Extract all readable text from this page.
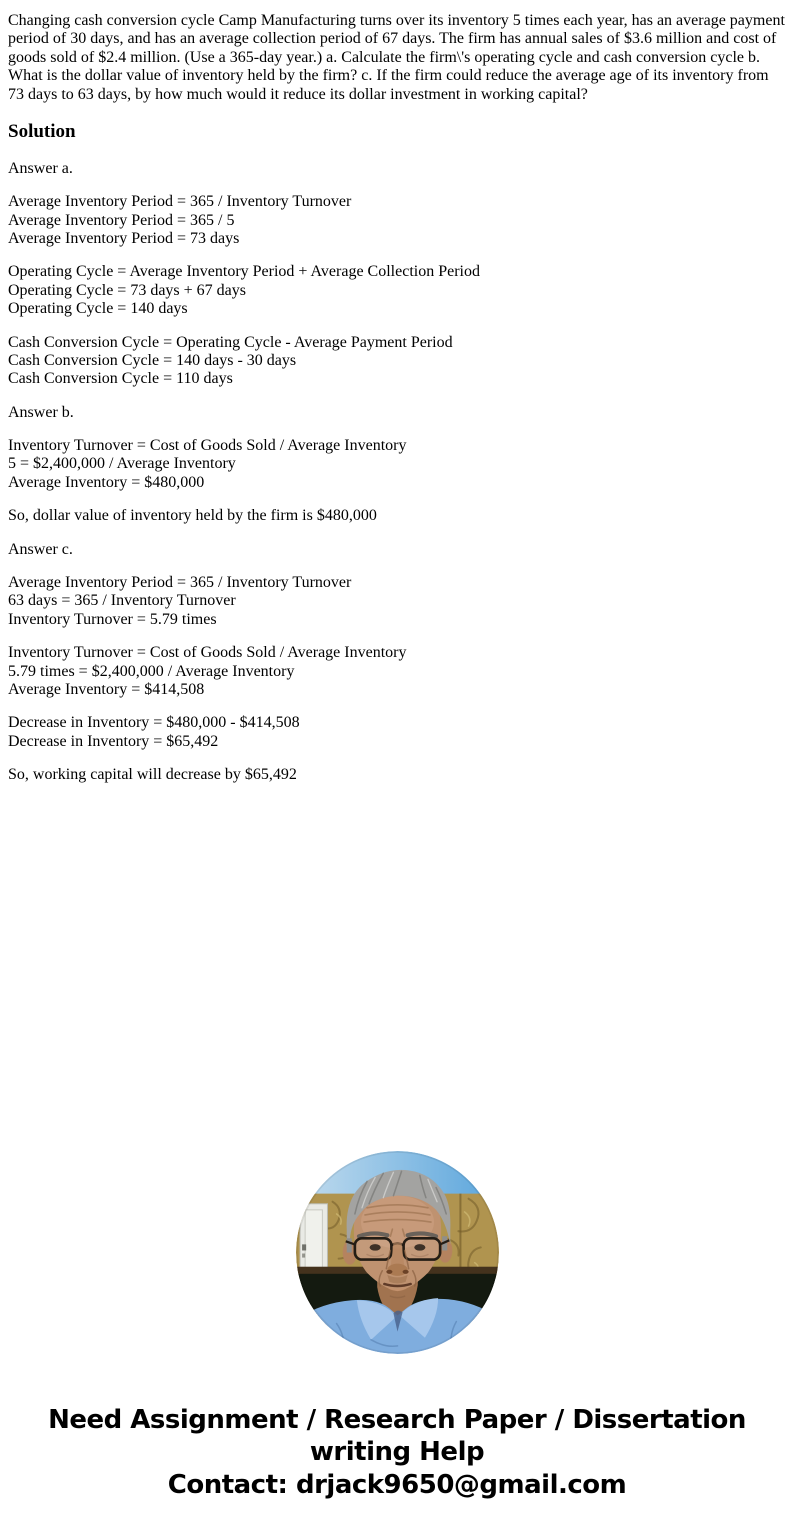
Changing cash conversion cycle Camp Manufacturing turns over its inventory 5 times each year, has an average payment period of 30 days, and has an average collection period of 67 days. The firm has annual sales of $3.6 million and cost of goods sold of $2.4 million. (Use a 365-day year.) a. Calculate the firm\'s operating cycle and cash conversion cycle b. What is the dollar value of inventory held by the firm? c. If the firm could reduce the average age of its inventory from 73 days to 63 days, by how much would it reduce its dollar investment in working capital?

Solution

Answer a.

Average Inventory Period = 365 / Inventory Turnover
Average Inventory Period = 365 / 5
Average Inventory Period = 73 days

Operating Cycle = Average Inventory Period + Average Collection Period
Operating Cycle = 73 days + 67 days
Operating Cycle = 140 days

Cash Conversion Cycle = Operating Cycle - Average Payment Period
Cash Conversion Cycle = 140 days - 30 days
Cash Conversion Cycle = 110 days

Answer b.

Inventory Turnover = Cost of Goods Sold / Average Inventory
5 = $2,400,000 / Average Inventory
Average Inventory = $480,000

So, dollar value of inventory held by the firm is $480,000

Answer c.

Average Inventory Period = 365 / Inventory Turnover
63 days = 365 / Inventory Turnover
Inventory Turnover = 5.79 times

Inventory Turnover = Cost of Goods Sold / Average Inventory
5.79 times = $2,400,000 / Average Inventory
Average Inventory = $414,508

Decrease in Inventory = $480,000 - $414,508
Decrease in Inventory = $65,492

So, working capital will decrease by $65,492

Need Assignment / Research Paper / Dissertation
writing Help
Contact: drjack9650@gmail.com
